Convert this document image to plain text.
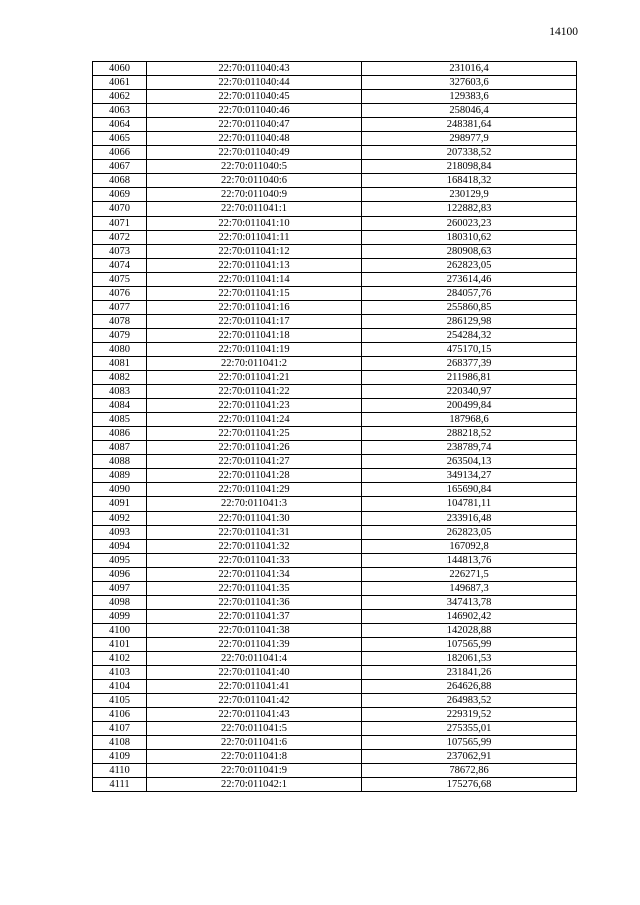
14100
4060	22:70:011040:43	231016,4
4061	22:70:011040:44	327603,6
4062	22:70:011040:45	129383,6
4063	22:70:011040:46	258046,4
4064	22:70:011040:47	248381,64
4065	22:70:011040:48	298977,9
4066	22:70:011040:49	207338,52
4067	22:70:011040:5	218098,84
4068	22:70:011040:6	168418,32
4069	22:70:011040:9	230129,9
4070	22:70:011041:1	122882,83
4071	22:70:011041:10	260023,23
4072	22:70:011041:11	180310,62
4073	22:70:011041:12	280908,63
4074	22:70:011041:13	262823,05
4075	22:70:011041:14	273614,46
4076	22:70:011041:15	284057,76
4077	22:70:011041:16	255860,85
4078	22:70:011041:17	286129,98
4079	22:70:011041:18	254284,32
4080	22:70:011041:19	475170,15
4081	22:70:011041:2	268377,39
4082	22:70:011041:21	211986,81
4083	22:70:011041:22	220340,97
4084	22:70:011041:23	200499,84
4085	22:70:011041:24	187968,6
4086	22:70:011041:25	288218,52
4087	22:70:011041:26	238789,74
4088	22:70:011041:27	263504,13
4089	22:70:011041:28	349134,27
4090	22:70:011041:29	165690,84
4091	22:70:011041:3	104781,11
4092	22:70:011041:30	233916,48
4093	22:70:011041:31	262823,05
4094	22:70:011041:32	167092,8
4095	22:70:011041:33	144813,76
4096	22:70:011041:34	226271,5
4097	22:70:011041:35	149687,3
4098	22:70:011041:36	347413,78
4099	22:70:011041:37	146902,42
4100	22:70:011041:38	142028,88
4101	22:70:011041:39	107565,99
4102	22:70:011041:4	182061,53
4103	22:70:011041:40	231841,26
4104	22:70:011041:41	264626,88
4105	22:70:011041:42	264983,52
4106	22:70:011041:43	229319,52
4107	22:70:011041:5	275355,01
4108	22:70:011041:6	107565,99
4109	22:70:011041:8	237062,91
4110	22:70:011041:9	78672,86
4111	22:70:011042:1	175276,68
